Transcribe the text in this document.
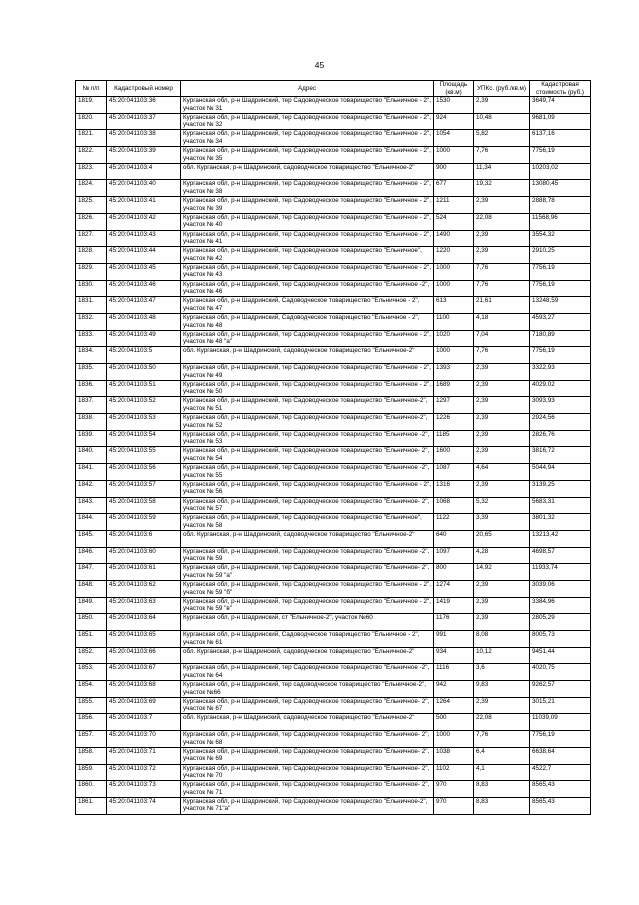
45
№ п/п	Кадастровый номер	Адрес	Площадь (кв.м)	УПКс. (руб./кв.м)	Кадастровая стоимость (руб.)
1819.	45:20:041103:36	Курганская обл, р-н Шадринский, тер Садоводческое товарищество "Ельничное - 2", участок № 31	1530	2,39	3649,74
1820.	45:20:041103:37	Курганская обл, р-н Шадринский, тер Садоводческое товарищество "Ельничное - 2", участок № 32	924	10,48	9681,09
1821.	45:20:041103:38	Курганская обл, р-н Шадринский, тер Садоводческое товарищество "Ельничное - 2", участок № 34	1054	5,82	6137,16
1822.	45:20:041103:39	Курганская обл, р-н Шадринский, тер Садоводческое товарищество "Ельничное - 2", участок № 35	1000	7,76	7756,19
1823.	45:20:041103:4	обл. Курганская, р-н Шадринский, садоводческое товарищество "Ельничное-2"	900	11,34	10203,02
1824.	45:20:041103:40	Курганская обл, р-н Шадринский, тер Садоводческое товарищество "Ельничное - 2", участок № 38	677	19,32	13080,45
1825.	45:20:041103:41	Курганская обл, р-н Шадринский, тер Садоводческое товарищество "Ельничное - 2", участок № 39	1211	2,39	2888,78
1826.	45:20:041103:42	Курганская обл, р-н Шадринский, тер Садоводческое товарищество "Ельничное - 2", участок № 40	524	22,08	11568,96
1827.	45:20:041103:43	Курганская обл, р-н Шадринский, тер Садоводческое товарищество "Ельничное - 2", участок № 41	1490	2,39	3554,32
1828.	45:20:041103:44	Курганская обл, р-н Шадринский, тер Садоводческое товарищество "Ельничное", участок № 42	1220	2,39	2910,25
1829.	45:20:041103:45	Курганская обл, р-н Шадринский, тер Садоводческое товарищество "Ельничное - 2", участок № 43	1000	7,76	7756,19
1830.	45:20:041103:46	Курганская обл, р-н Шадринский, тер Садоводческое товарищество "Ельничное -2", участок № 46	1000	7,76	7756,19
1831.	45:20:041103:47	Курганская обл, р-н Шадринский, Садоводческое товарищество "Ельничное - 2", участок № 47	613	21,61	13248,59
1832.	45:20:041103:48	Курганская обл, р-н Шадринский, Садоводческое товарищество "Ельничное - 2", участок № 48	1100	4,18	4593,27
1833.	45:20:041103:49	Курганская обл, р-н Шадринский, тер Садоводческое товарищество "Ельничное - 2", участок № 48 "а"	1020	7,04	7180,89
1834.	45:20:041103:5	обл. Курганская, р-н Шадринский, садоводческое товарищество "Ельничное-2"	1000	7,76	7756,19
1835.	45:20:041103:50	Курганская обл, р-н Шадринский, тер Садоводческое товарищество "Ельничное - 2", участок № 49	1393	2,39	3322,93
1836.	45:20:041103:51	Курганская обл, р-н Шадринский, тер Садоводческое товарищество "Ельничное - 2", участок № 50	1689	2,39	4029,02
1837.	45:20:041103:52	Курганская обл, р-н Шадринский, тер Садоводческое товарищество "Ельничное-2", участок № 51	1297	2,39	3093,93
1838.	45:20:041103:53	Курганская обл, р-н Шадринский, тер Садоводческое товарищество "Ельничное-2", участок № 52	1226	2,39	2924,56
1839.	45:20:041103:54	Курганская обл, р-н Шадринский, тер Садоводческое товарищество "Ельничное -2", участок № 53	1185	2,39	2826,76
1840.	45:20:041103:55	Курганская обл, р-н Шадринский, тер Садоводческое товарищество "Ельничное- 2", участок № 54	1600	2,39	3816,72
1841.	45:20:041103:56	Курганская обл, р-н Шадринский, тер Садоводческое товарищество "Ельничное -2", участок № 55	1087	4,64	5044,94
1842.	45:20:041103:57	Курганская обл, р-н Шадринский, тер Садоводческое товарищество "Ельничное - 2", участок № 56	1316	2,39	3139,25
1843.	45:20:041103:58	Курганская обл, р-н Шадринский, тер Садоводческое товарищество "Ельничное- 2", участок № 57	1068	5,32	5683,31
1844.	45:20:041103:59	Курганская обл, р-н Шадринский, тер Садоводческое товарищество "Ельничное", участок № 58	1122	3,39	3801,32
1845.	45:20:041103:6	обл. Курганская, р-н Шадринский, садоводческое товарищество "Ельничное-2"	640	20,65	13213,42
1846.	45:20:041103:60	Курганская обл, р-н Шадринский, тер Садоводческое товарищество "Ельничное -2", участок № 59	1097	4,28	4698,57
1847.	45:20:041103:61	Курганская обл, р-н Шадринский, тер Садоводческое товарищество "Ельничное- 2", участок № 59 "а"	800	14,92	11933,74
1848.	45:20:041103:62	Курганская обл, р-н Шадринский, тер Садоводческое товарищество "Ельничное - 2", участок № 59 "б"	1274	2,39	3039,06
1849.	45:20:041103:63	Курганская обл, р-н Шадринский, тер Садоводческое товарищество "Ельничное - 2", участок № 59 "в"	1419	2,39	3384,96
1850.	45:20:041103:64	Курганская обл, р-н Шадринский, ст "Ельничное-2", участок №60	1176	2,39	2805,29
1851.	45:20:041103:65	Курганская обл, р-н Шадринский, Садоводческое товарищество "Ельничное - 2", участок № 61	991	8,08	8005,73
1852.	45:20:041103:66	обл. Курганская, р-н Шадринский, садоводческое товарищество "Ельничное-2"	934	10,12	9451,44
1853.	45:20:041103:67	Курганская обл, р-н Шадринский, тер Садоводческое товарищество "Ельничное -2", участок № 64	1116	3,6	4020,75
1854.	45:20:041103:68	Курганская обл, р-н Шадринский, тер садоводческое товарищество "Ельничное-2", участок №66	942	9,83	9262,57
1855.	45:20:041103:69	Курганская обл, р-н Шадринский, тер Садоводческое товарищество "Ельничное- 2", участок № 67	1264	2,39	3015,21
1856.	45:20:041103:7	обл. Курганская, р-н Шадринский, садоводческое товарищество "Ельничное-2"	500	22,08	11039,09
1857.	45:20:041103:70	Курганская обл, р-н Шадринский, тер Садоводческое товарищество "Ельничное- 2", участок № 68	1000	7,76	7756,19
1858.	45:20:041103:71	Курганская обл, р-н Шадринский, тер Садоводческое товарищество "Ельничное- 2", участок № 69	1038	6,4	6638,64
1859.	45:20:041103:72	Курганская обл, р-н Шадринский, тер Садоводческое товарищество "Ельничное- 2", участок № 70	1102	4,1	4522,7
1860.	45:20:041103:73	Курганская обл, р-н Шадринский, тер Садоводческое товарищество "Ельничное- 2", участок № 71	970	8,83	8565,43
1861.	45:20:041103:74	Курганская обл, р-н Шадринский, тер Садоводческое товарищество "Ельничное-2", участок № 71"а"	970	8,83	8565,43
